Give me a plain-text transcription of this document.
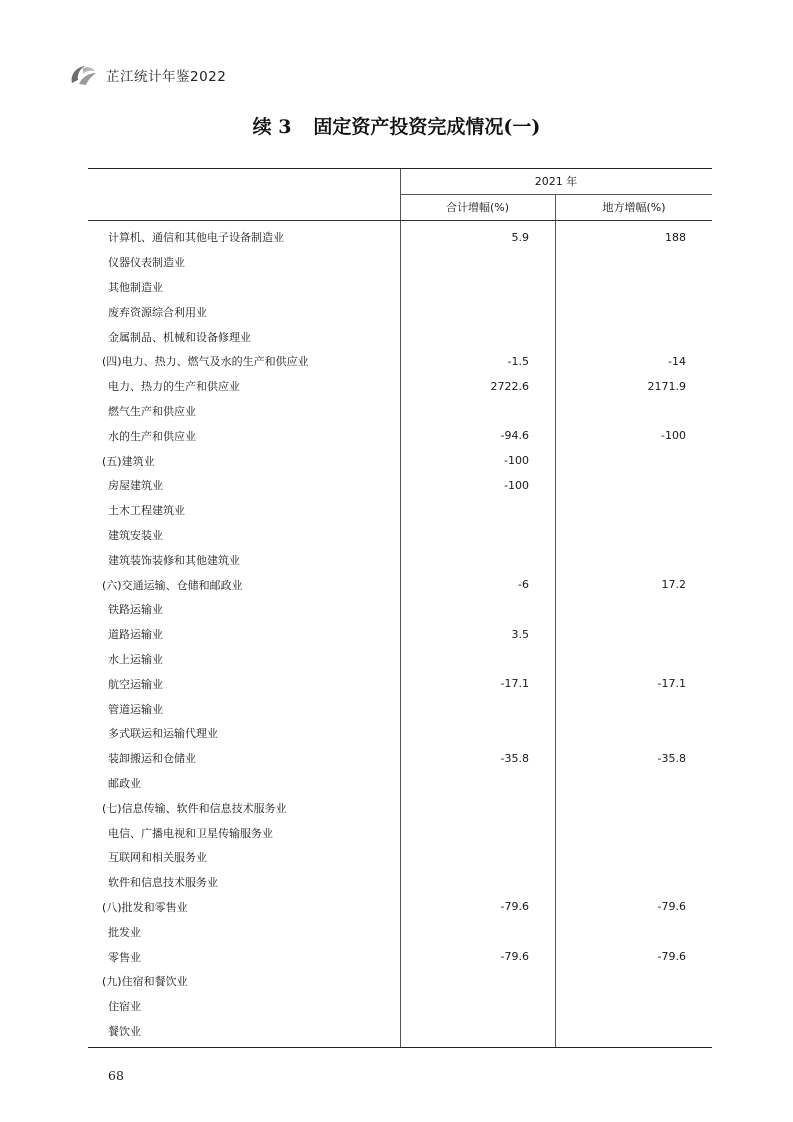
芷江统计年鉴2022
续 3 固定资产投资完成情况(一)
2021 年
合计增幅(%)	地方增幅(%)
计算机、通信和其他电子设备制造业	5.9	188
仪器仪表制造业
其他制造业
废弃资源综合利用业
金属制品、机械和设备修理业
(四)电力、热力、燃气及水的生产和供应业	-1.5	-14
电力、热力的生产和供应业	2722.6	2171.9
燃气生产和供应业
水的生产和供应业	-94.6	-100
(五)建筑业	-100
房屋建筑业	-100
土木工程建筑业
建筑安装业
建筑装饰装修和其他建筑业
(六)交通运输、仓储和邮政业	-6	17.2
铁路运输业
道路运输业	3.5
水上运输业
航空运输业	-17.1	-17.1
管道运输业
多式联运和运输代理业
装卸搬运和仓储业	-35.8	-35.8
邮政业
(七)信息传输、软件和信息技术服务业
电信、广播电视和卫星传输服务业
互联网和相关服务业
软件和信息技术服务业
(八)批发和零售业	-79.6	-79.6
批发业
零售业	-79.6	-79.6
(九)住宿和餐饮业
住宿业
餐饮业
68
